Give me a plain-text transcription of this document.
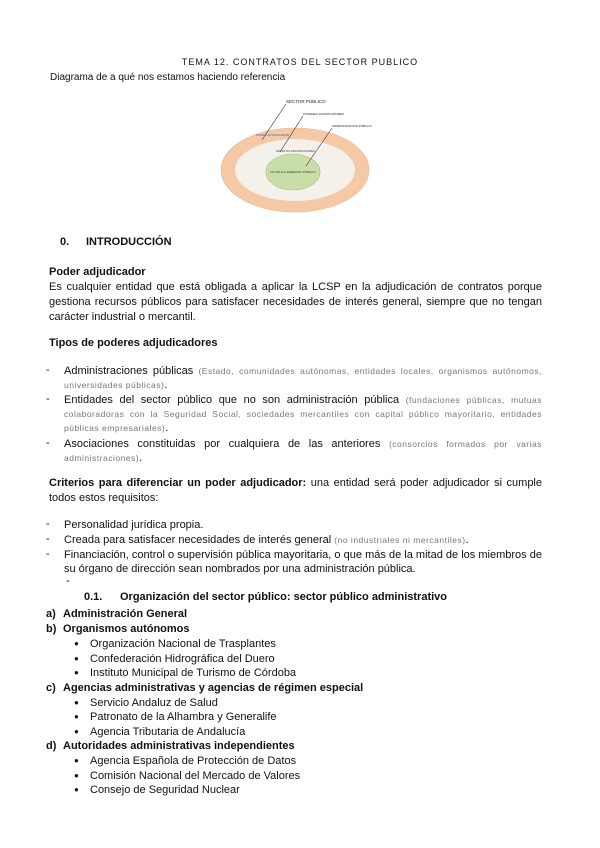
TEMA 12. CONTRATOS DEL SECTOR PUBLICO
Diagrama de a qué nos estamos haciendo referencia
SECTOR PÚBLICO
PODERES ADJUDICADORES
ADMINISTRACIÓN PÚBLICA
PODER ADJUDICADOR
ENTES NO ADJUDICADORES
NO APLICA DERECHO PÚBLICO
0. INTRODUCCIÓN
Poder adjudicador
Es cualquier entidad que está obligada a aplicar la LCSP en la adjudicación de contratos porque gestiona recursos públicos para satisfacer necesidades de interés general, siempre que no tengan carácter industrial o mercantil.
Tipos de poderes adjudicadores
- Administraciones públicas (Estado, comunidades autónomas, entidades locales, organismos autónomos, universidades públicas).
- Entidades del sector público que no son administración pública (fundaciones públicas, mutuas colaboradoras con la Seguridad Social, sociedades mercantiles con capital público mayoritario, entidades públicas empresariales).
- Asociaciones constituidas por cualquiera de las anteriores (consorcios formados por varias administraciones).
Criterios para diferenciar un poder adjudicador: una entidad será poder adjudicador si cumple todos estos requisitos:
- Personalidad jurídica propia.
- Creada para satisfacer necesidades de interés general (no industriales ni mercantiles).
- Financiación, control o supervisión pública mayoritaria, o que más de la mitad de los miembros de su órgano de dirección sean nombrados por una administración pública.
-
0.1. Organización del sector público: sector público administrativo
a) Administración General
b) Organismos autónomos
● Organización Nacional de Trasplantes
● Confederación Hidrográfica del Duero
● Instituto Municipal de Turismo de Córdoba
c) Agencias administrativas y agencias de régimen especial
● Servicio Andaluz de Salud
● Patronato de la Alhambra y Generalife
● Agencia Tributaria de Andalucía
d) Autoridades administrativas independientes
● Agencia Española de Protección de Datos
● Comisión Nacional del Mercado de Valores
● Consejo de Seguridad Nuclear
